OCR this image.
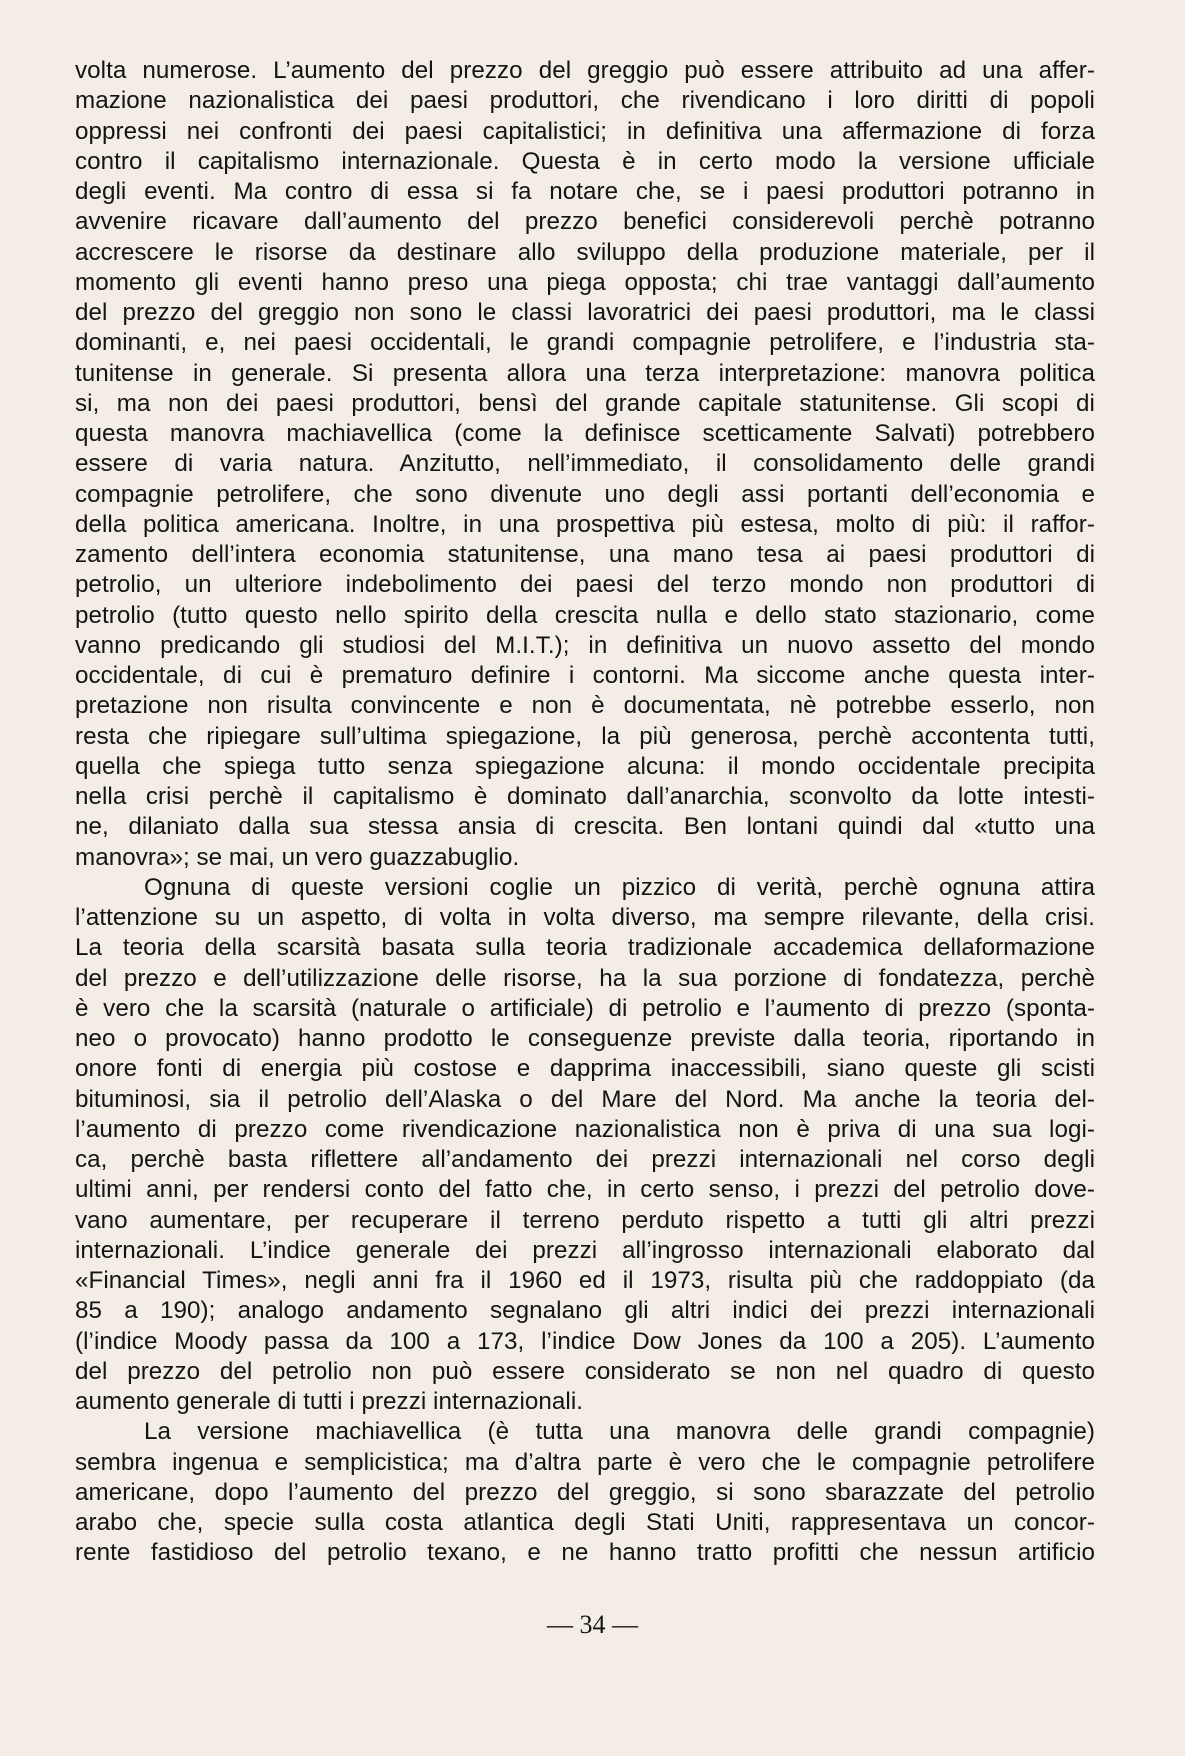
volta numerose. L’aumento del prezzo del greggio può essere attribuito ad una affer-
mazione nazionalistica dei paesi produttori, che rivendicano i loro diritti di popoli
oppressi nei confronti dei paesi capitalistici; in definitiva una affermazione di forza
contro il capitalismo internazionale. Questa è in certo modo la versione ufficiale
degli eventi. Ma contro di essa si fa notare che, se i paesi produttori potranno in
avvenire ricavare dall’aumento del prezzo benefici considerevoli perchè potranno
accrescere le risorse da destinare allo sviluppo della produzione materiale, per il
momento gli eventi hanno preso una piega opposta; chi trae vantaggi dall’aumento
del prezzo del greggio non sono le classi lavoratrici dei paesi produttori, ma le classi
dominanti, e, nei paesi occidentali, le grandi compagnie petrolifere, e l’industria sta-
tunitense in generale. Si presenta allora una terza interpretazione: manovra politica
si, ma non dei paesi produttori, bensì del grande capitale statunitense. Gli scopi di
questa manovra machiavellica (come la definisce scetticamente Salvati) potrebbero
essere di varia natura. Anzitutto, nell’immediato, il consolidamento delle grandi
compagnie petrolifere, che sono divenute uno degli assi portanti dell’economia e
della politica americana. Inoltre, in una prospettiva più estesa, molto di più: il raffor-
zamento dell’intera economia statunitense, una mano tesa ai paesi produttori di
petrolio, un ulteriore indebolimento dei paesi del terzo mondo non produttori di
petrolio (tutto questo nello spirito della crescita nulla e dello stato stazionario, come
vanno predicando gli studiosi del M.I.T.); in definitiva un nuovo assetto del mondo
occidentale, di cui è prematuro definire i contorni. Ma siccome anche questa inter-
pretazione non risulta convincente e non è documentata, nè potrebbe esserlo, non
resta che ripiegare sull’ultima spiegazione, la più generosa, perchè accontenta tutti,
quella che spiega tutto senza spiegazione alcuna: il mondo occidentale precipita
nella crisi perchè il capitalismo è dominato dall’anarchia, sconvolto da lotte intesti-
ne, dilaniato dalla sua stessa ansia di crescita. Ben lontani quindi dal «tutto una
manovra»; se mai, un vero guazzabuglio.
Ognuna di queste versioni coglie un pizzico di verità, perchè ognuna attira
l’attenzione su un aspetto, di volta in volta diverso, ma sempre rilevante, della crisi.
La teoria della scarsità basata sulla teoria tradizionale accademica dellaformazione
del prezzo e dell’utilizzazione delle risorse, ha la sua porzione di fondatezza, perchè
è vero che la scarsità (naturale o artificiale) di petrolio e l’aumento di prezzo (sponta-
neo o provocato) hanno prodotto le conseguenze previste dalla teoria, riportando in
onore fonti di energia più costose e dapprima inaccessibili, siano queste gli scisti
bituminosi, sia il petrolio dell’Alaska o del Mare del Nord. Ma anche la teoria del-
l’aumento di prezzo come rivendicazione nazionalistica non è priva di una sua logi-
ca, perchè basta riflettere all’andamento dei prezzi internazionali nel corso degli
ultimi anni, per rendersi conto del fatto che, in certo senso, i prezzi del petrolio dove-
vano aumentare, per recuperare il terreno perduto rispetto a tutti gli altri prezzi
internazionali. L’indice generale dei prezzi all’ingrosso internazionali elaborato dal
«Financial Times», negli anni fra il 1960 ed il 1973, risulta più che raddoppiato (da
85 a 190); analogo andamento segnalano gli altri indici dei prezzi internazionali
(l’indice Moody passa da 100 a 173, l’indice Dow Jones da 100 a 205). L’aumento
del prezzo del petrolio non può essere considerato se non nel quadro di questo
aumento generale di tutti i prezzi internazionali.
La versione machiavellica (è tutta una manovra delle grandi compagnie)
sembra ingenua e semplicistica; ma d’altra parte è vero che le compagnie petrolifere
americane, dopo l’aumento del prezzo del greggio, si sono sbarazzate del petrolio
arabo che, specie sulla costa atlantica degli Stati Uniti, rappresentava un concor-
rente fastidioso del petrolio texano, e ne hanno tratto profitti che nessun artificio
— 34 —
